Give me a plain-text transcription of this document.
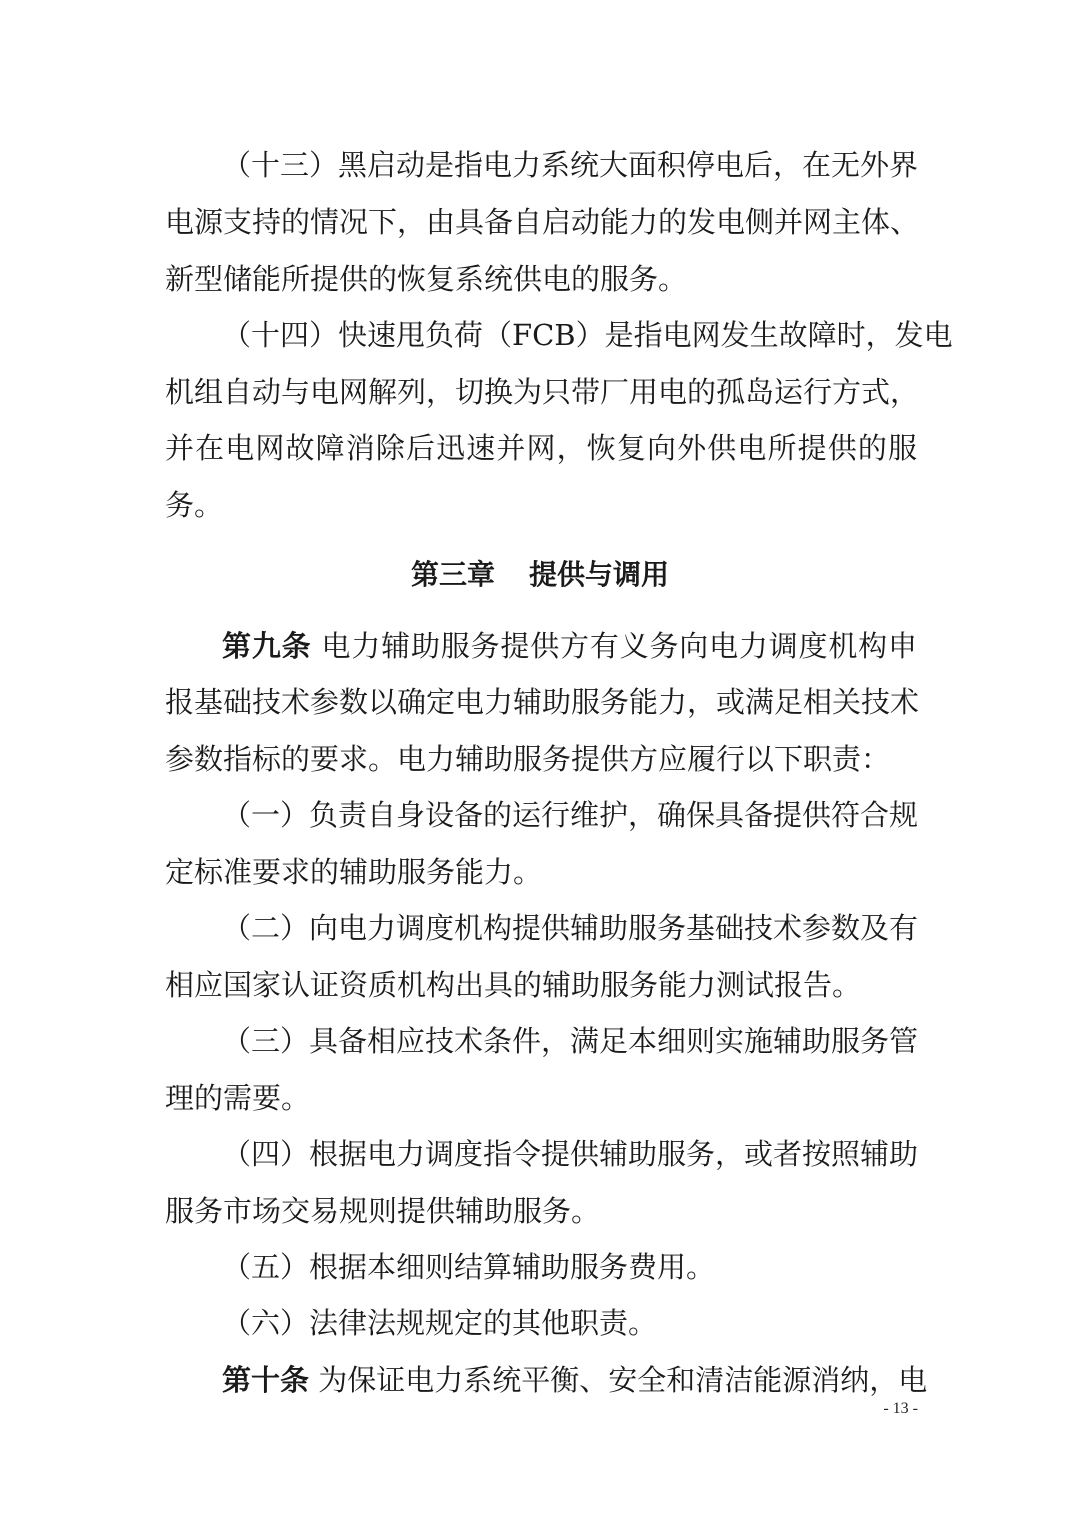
（十三）黑启动是指电力系统大面积停电后，在无外界
电源支持的情况下，由具备自启动能力的发电侧并网主体、
新型储能所提供的恢复系统供电的服务。
（十四）快速甩负荷（FCB）是指电网发生故障时，发电
机组自动与电网解列，切换为只带厂用电的孤岛运行方式，
并在电网故障消除后迅速并网，恢复向外供电所提供的服
务。
第三章 提供与调用
第九条 电力辅助服务提供方有义务向电力调度机构申
报基础技术参数以确定电力辅助服务能力，或满足相关技术
参数指标的要求。电力辅助服务提供方应履行以下职责：
（一）负责自身设备的运行维护，确保具备提供符合规
定标准要求的辅助服务能力。
（二）向电力调度机构提供辅助服务基础技术参数及有
相应国家认证资质机构出具的辅助服务能力测试报告。
（三）具备相应技术条件，满足本细则实施辅助服务管
理的需要。
（四）根据电力调度指令提供辅助服务，或者按照辅助
服务市场交易规则提供辅助服务。
（五）根据本细则结算辅助服务费用。
（六）法律法规规定的其他职责。
第十条 为保证电力系统平衡、安全和清洁能源消纳，电
- 13 -
